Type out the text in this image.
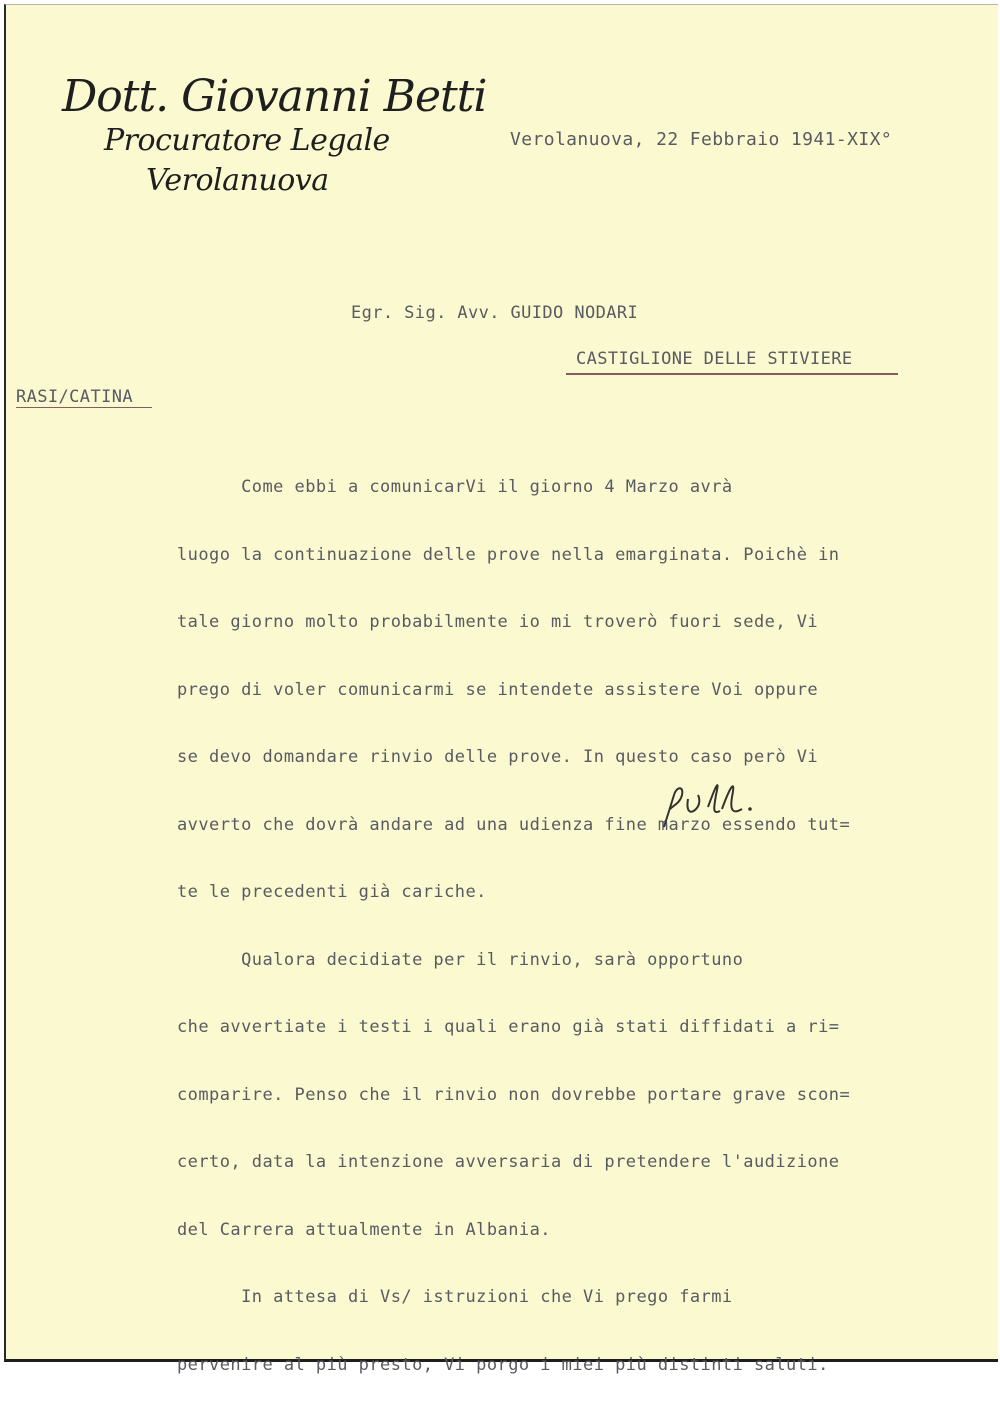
Dott. Giovanni Betti
Procuratore Legale
Verolanuova
Verolanuova, 22 Febbraio 1941-XIX°
Egr. Sig. Avv. GUIDO NODARI
CASTIGLIONE DELLE STIVIERE
RASI/CATINA

Come ebbi a comunicarVi il giorno 4 Marzo avrà

luogo la continuazione delle prove nella emarginata. Poichè in

tale giorno molto probabilmente io mi troverò fuori sede, Vi

prego di voler comunicarmi se intendete assistere Voi oppure

se devo domandare rinvio delle prove. In questo caso però Vi

avverto che dovrà andare ad una udienza fine marzo essendo tut=

te le precedenti già cariche.

Qualora decidiate per il rinvio, sarà opportuno

che avvertiate i testi i quali erano già stati diffidati a ri=

comparire. Penso che il rinvio non dovrebbe portare grave scon=

certo, data la intenzione avversaria di pretendere l'audizione

del Carrera attualmente in Albania.

In attesa di Vs/ istruzioni che Vi prego farmi

pervenire al più presto, Vi porgo i miei più distinti saluti.
